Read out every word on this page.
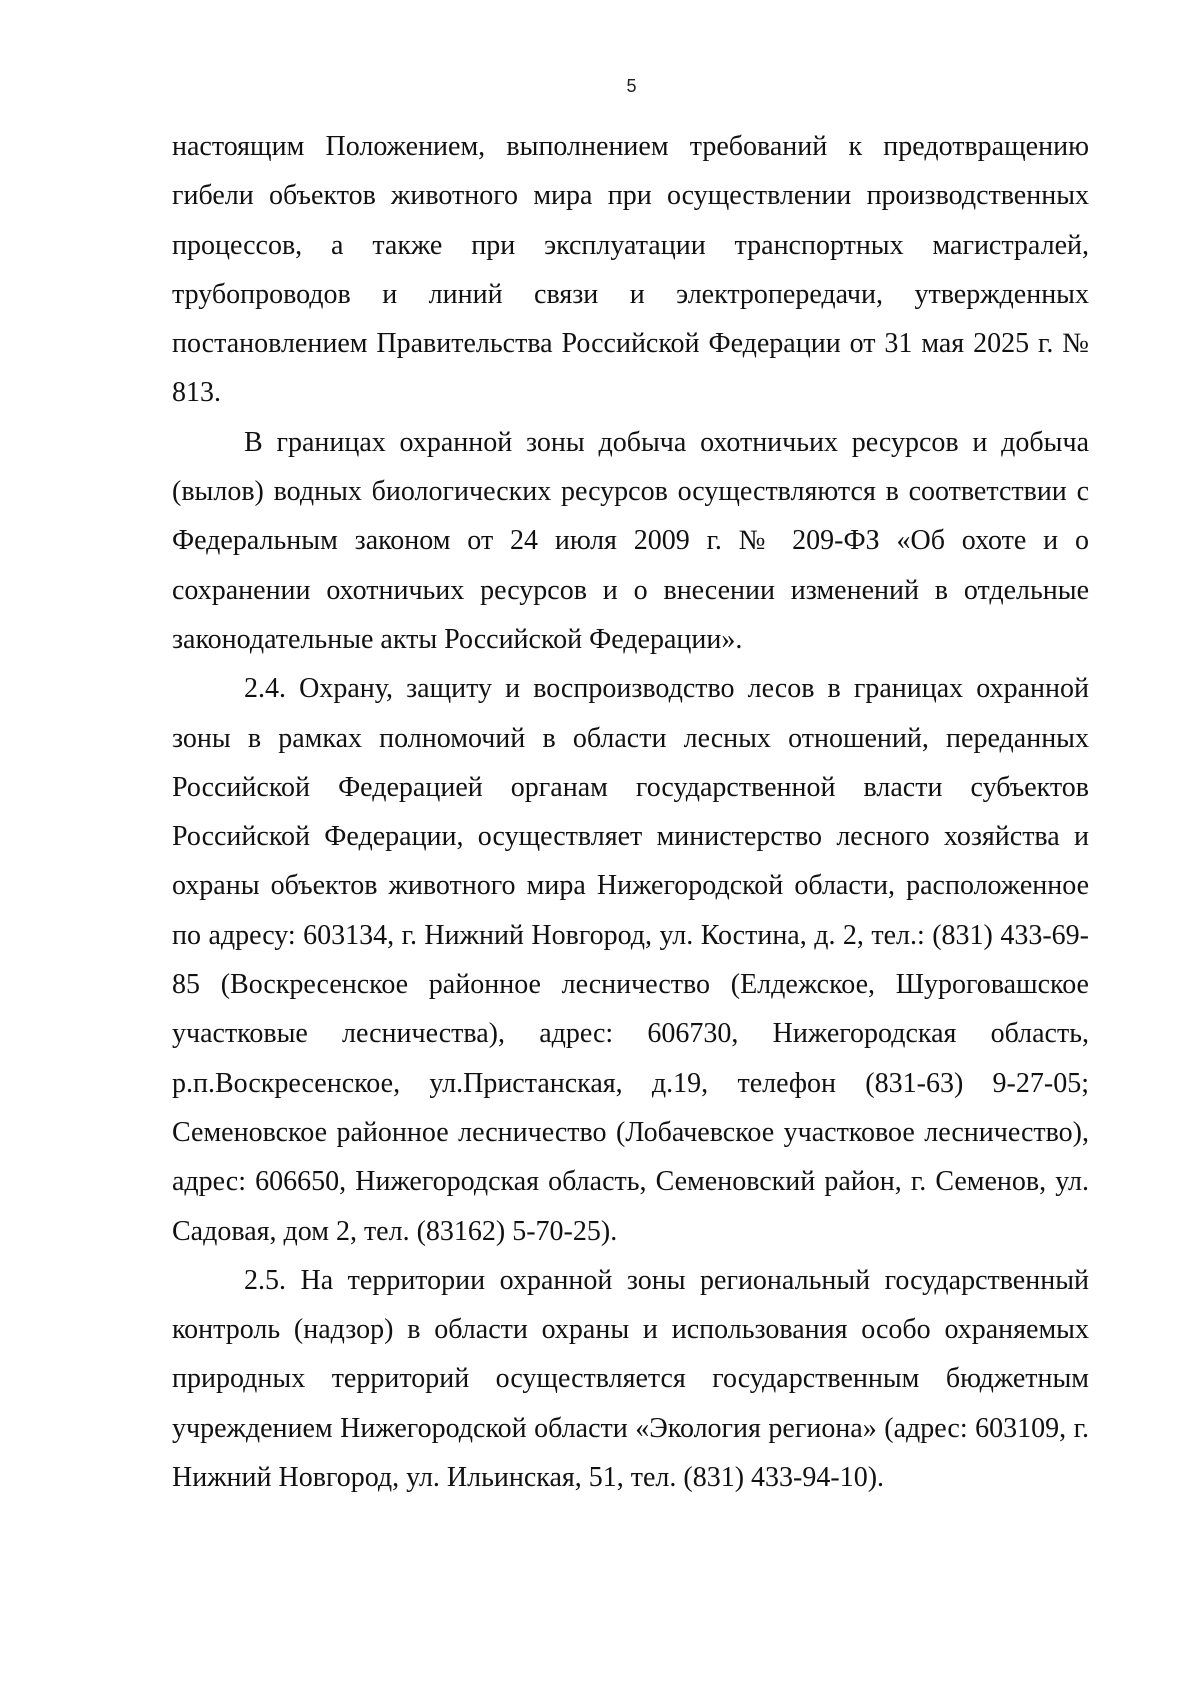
5

настоящим Положением, выполнением требований к предотвращению гибели объектов животного мира при осуществлении производственных процессов, а также при эксплуатации транспортных магистралей, трубопроводов и линий связи и электропередачи, утвержденных постановлением Правительства Российской Федерации от 31 мая 2025 г. № 813.

В границах охранной зоны добыча охотничьих ресурсов и добыча (вылов) водных биологических ресурсов осуществляются в соответствии с Федеральным законом от 24 июля 2009 г. № 209-ФЗ «Об охоте и о сохранении охотничьих ресурсов и о внесении изменений в отдельные законодательные акты Российской Федерации».

2.4. Охрану, защиту и воспроизводство лесов в границах охранной зоны в рамках полномочий в области лесных отношений, переданных Российской Федерацией органам государственной власти субъектов Российской Федерации, осуществляет министерство лесного хозяйства и охраны объектов животного мира Нижегородской области, расположенное по адресу: 603134, г. Нижний Новгород, ул. Костина, д. 2, тел.: (831) 433-69-85 (Воскресенское районное лесничество (Елдежское, Шуроговашское участковые лесничества), адрес: 606730, Нижегородская область, р.п.Воскресенское, ул.Пристанская, д.19, телефон (831-63) 9-27-05; Семеновское районное лесничество (Лобачевское участковое лесничество), адрес: 606650, Нижегородская область, Семеновский район, г. Семенов, ул. Садовая, дом 2, тел. (83162) 5-70-25).

2.5. На территории охранной зоны региональный государственный контроль (надзор) в области охраны и использования особо охраняемых природных территорий осуществляется государственным бюджетным учреждением Нижегородской области «Экология региона» (адрес: 603109, г. Нижний Новгород, ул. Ильинская, 51, тел. (831) 433-94-10).
